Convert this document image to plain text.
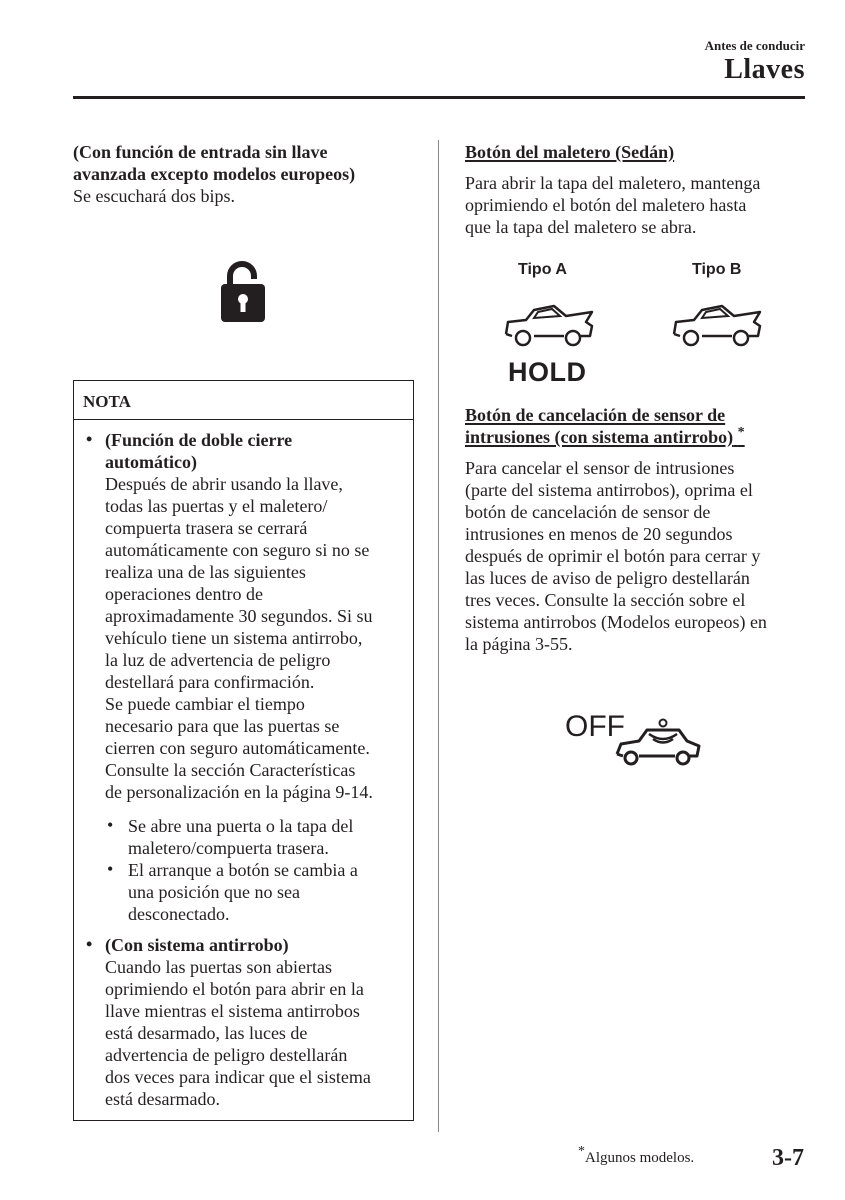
Antes de conducir
Llaves
(Con función de entrada sin llave
avanzada excepto modelos europeos)
Se escuchará dos bips.
NOTA
• (Función de doble cierre
automático)
Después de abrir usando la llave,
todas las puertas y el maletero/
compuerta trasera se cerrará
automáticamente con seguro si no se
realiza una de las siguientes
operaciones dentro de
aproximadamente 30 segundos. Si su
vehículo tiene un sistema antirrobo,
la luz de advertencia de peligro
destellará para confirmación.
Se puede cambiar el tiempo
necesario para que las puertas se
cierren con seguro automáticamente.
Consulte la sección Características
de personalización en la página 9-14.
• Se abre una puerta o la tapa del
maletero/compuerta trasera.
• El arranque a botón se cambia a
una posición que no sea
desconectado.
• (Con sistema antirrobo)
Cuando las puertas son abiertas
oprimiendo el botón para abrir en la
llave mientras el sistema antirrobos
está desarmado, las luces de
advertencia de peligro destellarán
dos veces para indicar que el sistema
está desarmado.
Botón del maletero (Sedán)
Para abrir la tapa del maletero, mantenga
oprimiendo el botón del maletero hasta
que la tapa del maletero se abra.
Tipo A	Tipo B
HOLD
Botón de cancelación de sensor de
intrusiones (con sistema antirrobo) *
Para cancelar el sensor de intrusiones
(parte del sistema antirrobos), oprima el
botón de cancelación de sensor de
intrusiones en menos de 20 segundos
después de oprimir el botón para cerrar y
las luces de aviso de peligro destellarán
tres veces. Consulte la sección sobre el
sistema antirrobos (Modelos europeos) en
la página 3-55.
OFF
*Algunos modelos.	3-7
